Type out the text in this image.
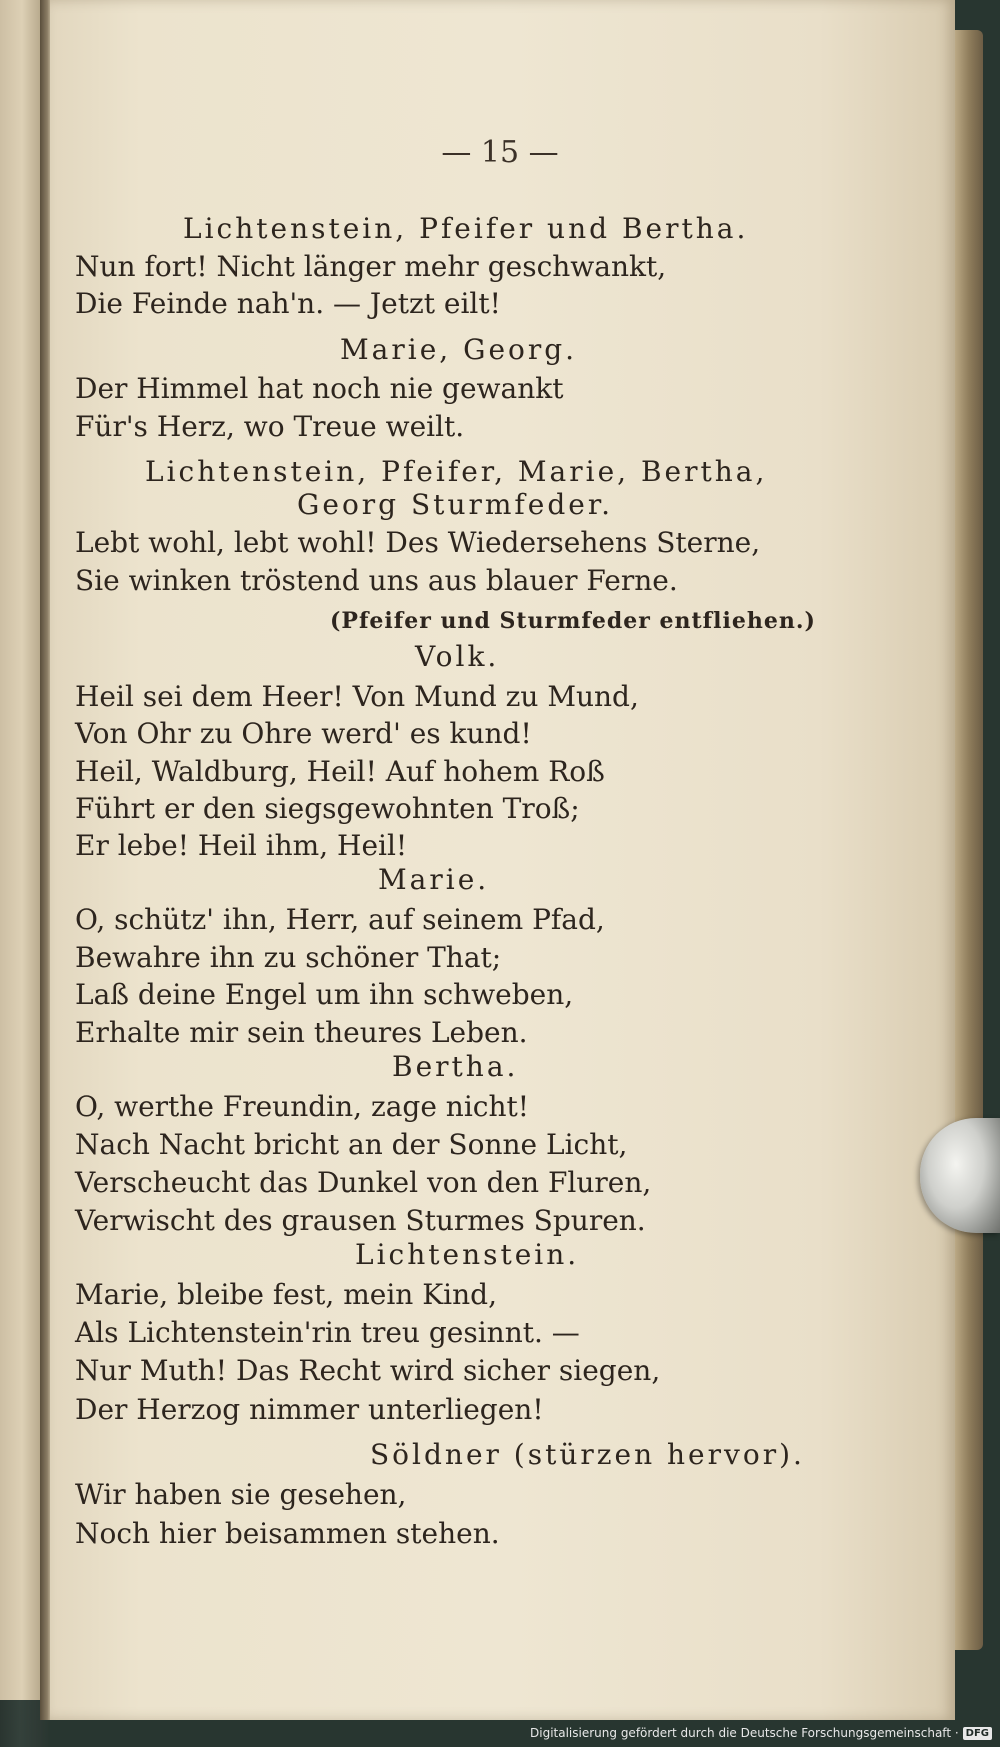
— 15 —
Lichtenstein, Pfeifer und Bertha.
Nun fort! Nicht länger mehr geschwankt,
Die Feinde nah'n. — Jetzt eilt!
Marie, Georg.
Der Himmel hat noch nie gewankt
Für's Herz, wo Treue weilt.
Lichtenstein, Pfeifer, Marie, Bertha,
Georg Sturmfeder.
Lebt wohl, lebt wohl! Des Wiedersehens Sterne,
Sie winken tröstend uns aus blauer Ferne.
(Pfeifer und Sturmfeder entfliehen.)
Volk.
Heil sei dem Heer! Von Mund zu Mund,
Von Ohr zu Ohre werd' es kund!
Heil, Waldburg, Heil! Auf hohem Roß
Führt er den siegsgewohnten Troß;
Er lebe! Heil ihm, Heil!
Marie.
O, schütz' ihn, Herr, auf seinem Pfad,
Bewahre ihn zu schöner That;
Laß deine Engel um ihn schweben,
Erhalte mir sein theures Leben.
Bertha.
O, werthe Freundin, zage nicht!
Nach Nacht bricht an der Sonne Licht,
Verscheucht das Dunkel von den Fluren,
Verwischt des grausen Sturmes Spuren.
Lichtenstein.
Marie, bleibe fest, mein Kind,
Als Lichtenstein'rin treu gesinnt. —
Nur Muth! Das Recht wird sicher siegen,
Der Herzog nimmer unterliegen!
Söldner (stürzen hervor).
Wir haben sie gesehen,
Noch hier beisammen stehen.
Digitalisierung gefördert durch die Deutsche Forschungsgemeinschaft · DFG
